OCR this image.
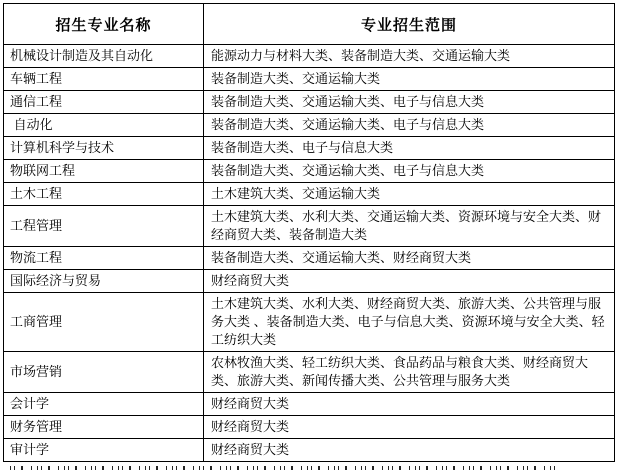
招生专业名称	专业招生范围
机械设计制造及其自动化	能源动力与材料大类、装备制造大类、交通运输大类
车辆工程	装备制造大类、交通运输大类
通信工程	装备制造大类、交通运输大类、电子与信息大类
自动化	装备制造大类、交通运输大类、电子与信息大类
计算机科学与技术	装备制造大类、电子与信息大类
物联网工程	装备制造大类、交通运输大类、电子与信息大类
土木工程	土木建筑大类、交通运输大类
工程管理	土木建筑大类、水利大类、交通运输大类、资源环境与安全大类、财经商贸大类、装备制造大类
物流工程	装备制造大类、交通运输大类、财经商贸大类
国际经济与贸易	财经商贸大类
工商管理	土木建筑大类、水利大类、财经商贸大类、旅游大类、公共管理与服务大类 、装备制造大类、电子与信息大类、资源环境与安全大类、轻工纺织大类
市场营销	农林牧渔大类、轻工纺织大类、食品药品与粮食大类、财经商贸大类、旅游大类、新闻传播大类、公共管理与服务大类
会计学	财经商贸大类
财务管理	财经商贸大类
审计学	财经商贸大类
